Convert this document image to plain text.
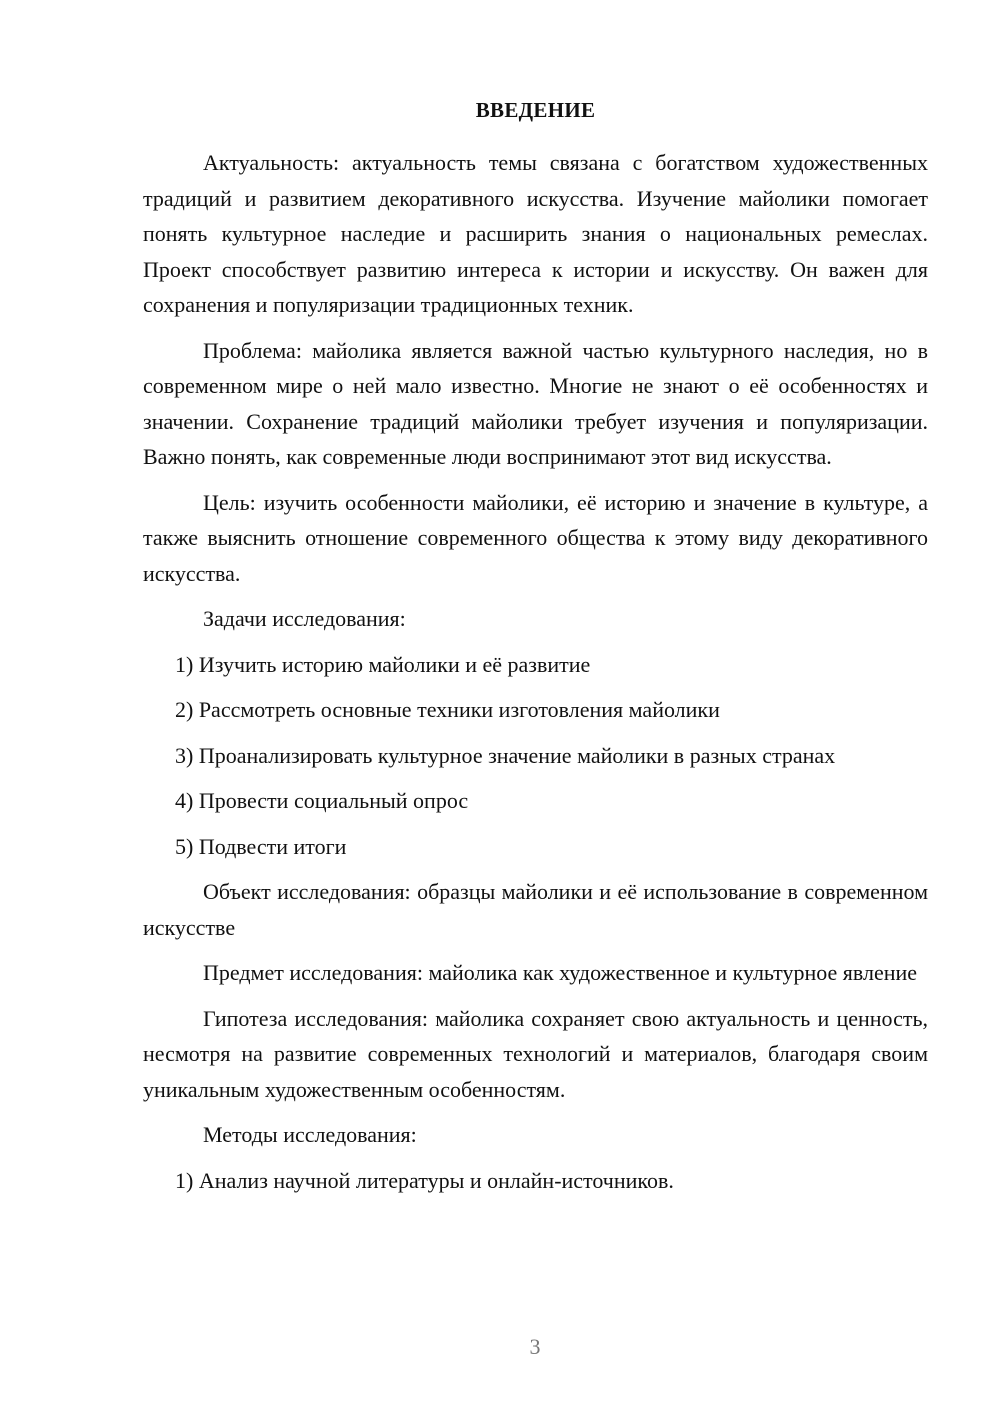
ВВЕДЕНИЕ

Актуальность: актуальность темы связана с богатством художественных традиций и развитием декоративного искусства. Изучение майолики помогает понять культурное наследие и расширить знания о национальных ремеслах. Проект способствует развитию интереса к истории и искусству. Он важен для сохранения и популяризации традиционных техник.

Проблема: майолика является важной частью культурного наследия, но в современном мире о ней мало известно. Многие не знают о её особенностях и значении. Сохранение традиций майолики требует изучения и популяризации. Важно понять, как современные люди воспринимают этот вид искусства.

Цель: изучить особенности майолики, её историю и значение в культуре, а также выяснить отношение современного общества к этому виду декоративного искусства.

Задачи исследования:

1) Изучить историю майолики и её развитие

2) Рассмотреть основные техники изготовления майолики

3) Проанализировать культурное значение майолики в разных странах

4) Провести социальный опрос

5) Подвести итоги

Объект исследования: образцы майолики и её использование в современном искусстве

Предмет исследования: майолика как художественное и культурное явление

Гипотеза исследования: майолика сохраняет свою актуальность и ценность, несмотря на развитие современных технологий и материалов, благодаря своим уникальным художественным особенностям.

Методы исследования:

1) Анализ научной литературы и онлайн-источников.

3
